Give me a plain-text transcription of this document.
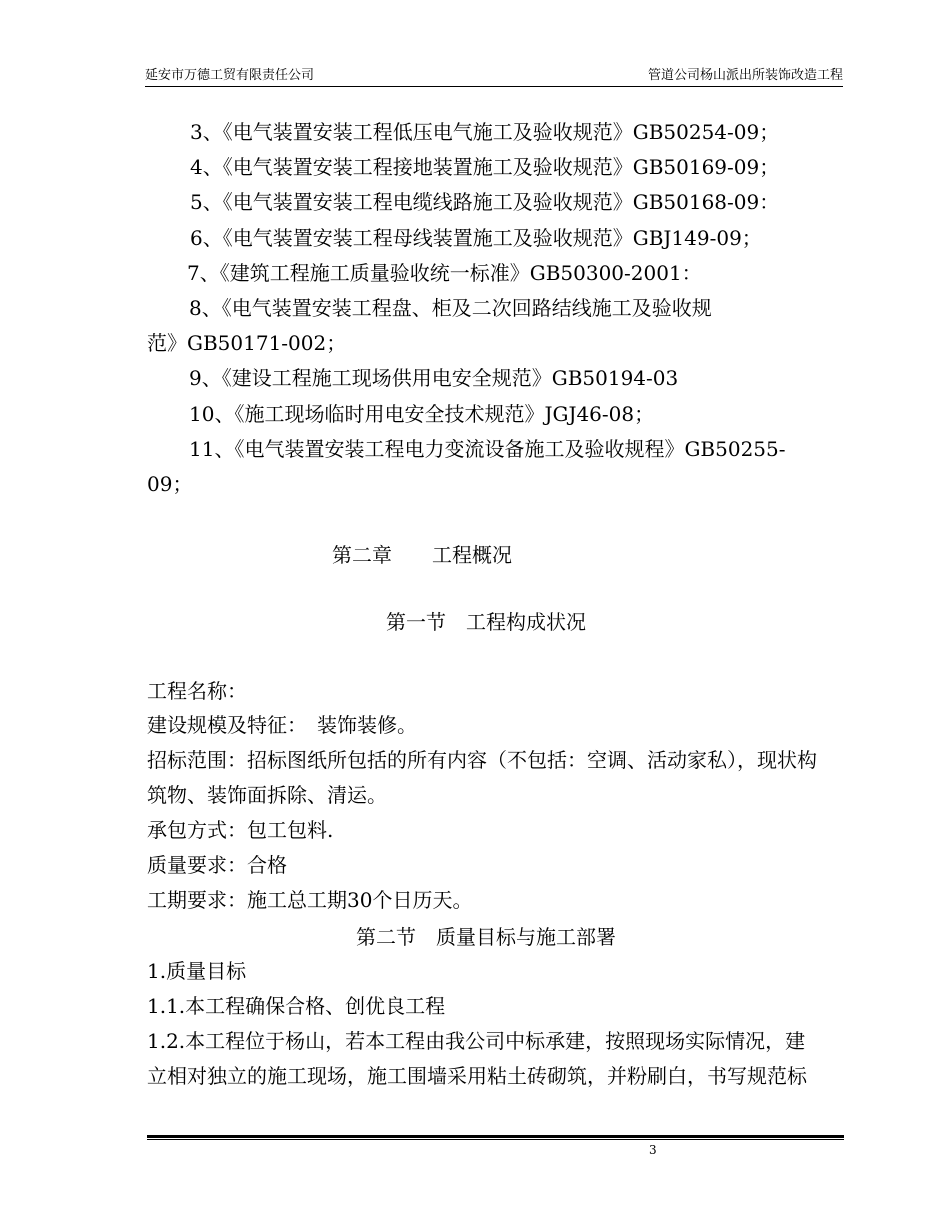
延安市万德工贸有限责任公司	管道公司杨山派出所装饰改造工程
3、《电气装置安装工程低压电气施工及验收规范》GB50254-09；
4、《电气装置安装工程接地装置施工及验收规范》GB50169-09；
5、《电气装置安装工程电缆线路施工及验收规范》GB50168-09：
6、《电气装置安装工程母线装置施工及验收规范》GBJ149-09；
7、《建筑工程施工质量验收统一标准》GB50300-2001：
8、《电气装置安装工程盘、柜及二次回路结线施工及验收规
范》GB50171-002；
9、《建设工程施工现场供用电安全规范》GB50194-03
10、《施工现场临时用电安全技术规范》JGJ46-08；
11、《电气装置安装工程电力变流设备施工及验收规程》GB50255-
09；
第二章　　工程概况
第一节　工程构成状况
工程名称：
建设规模及特征：　装饰装修。
招标范围：招标图纸所包括的所有内容（不包括：空调、活动家私），现状构
筑物、装饰面拆除、清运。
承包方式：包工包料.
质量要求：合格
工期要求：施工总工期30个日历天。
第二节　质量目标与施工部署
1.质量目标
1.1.本工程确保合格、创优良工程
1.2.本工程位于杨山，若本工程由我公司中标承建，按照现场实际情况，建
立相对独立的施工现场，施工围墙采用粘土砖砌筑，并粉刷白，书写规范标
3
